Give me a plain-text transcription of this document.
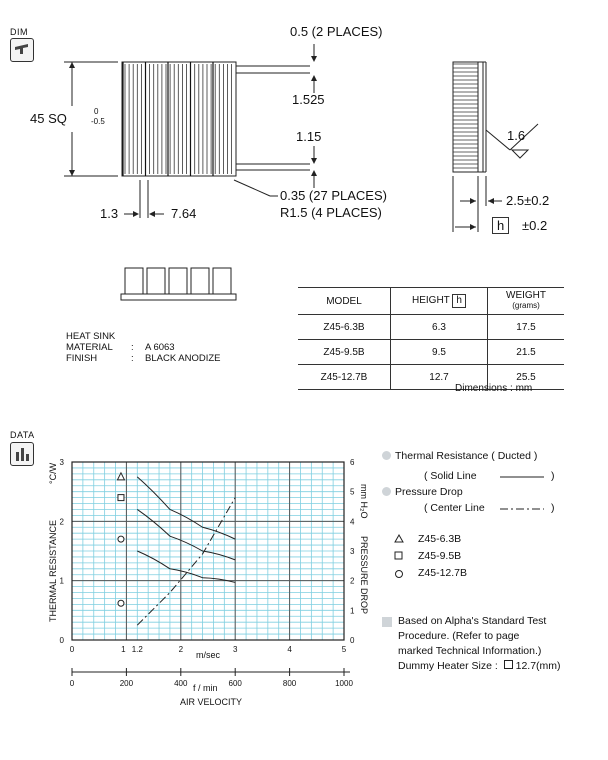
DIM
DATA
0.5 (2 PLACES)
1.525
1.15
45 SQ	0
-0.5
0.35 (27 PLACES)
R1.5 (4 PLACES)
1.3	7.64
1.6
2.5±0.2
h	±0.2
HEAT SINK
MATERIAL : A 6063
FINISH	: BLACK ANODIZE
MODEL	HEIGHT h	WEIGHT
(grams)

Z45-6.3B	6.3	17.5
Z45-9.5B	9.5	21.5
Z45-12.7B	12.7	25.5
Dimensions : mm
0
1
2
3
0
1
2
3
4
5
6
0	1 1.2	2	3	4	5
0	200	400	600	800	1000
°C/W
THERMAL RESISTANCE
mm H₂O
PRESSURE DROP
m/sec
f / min
AIR VELOCITY
Thermal Resistance ( Ducted )
( Solid Line	)
Pressure Drop
( Center Line	)
Z45-6.3B
Z45-9.5B
Z45-12.7B
Based on Alpha's Standard Test
Procedure. (Refer to page
marked Technical Information.)
Dummy Heater Size : 12.7(mm)
